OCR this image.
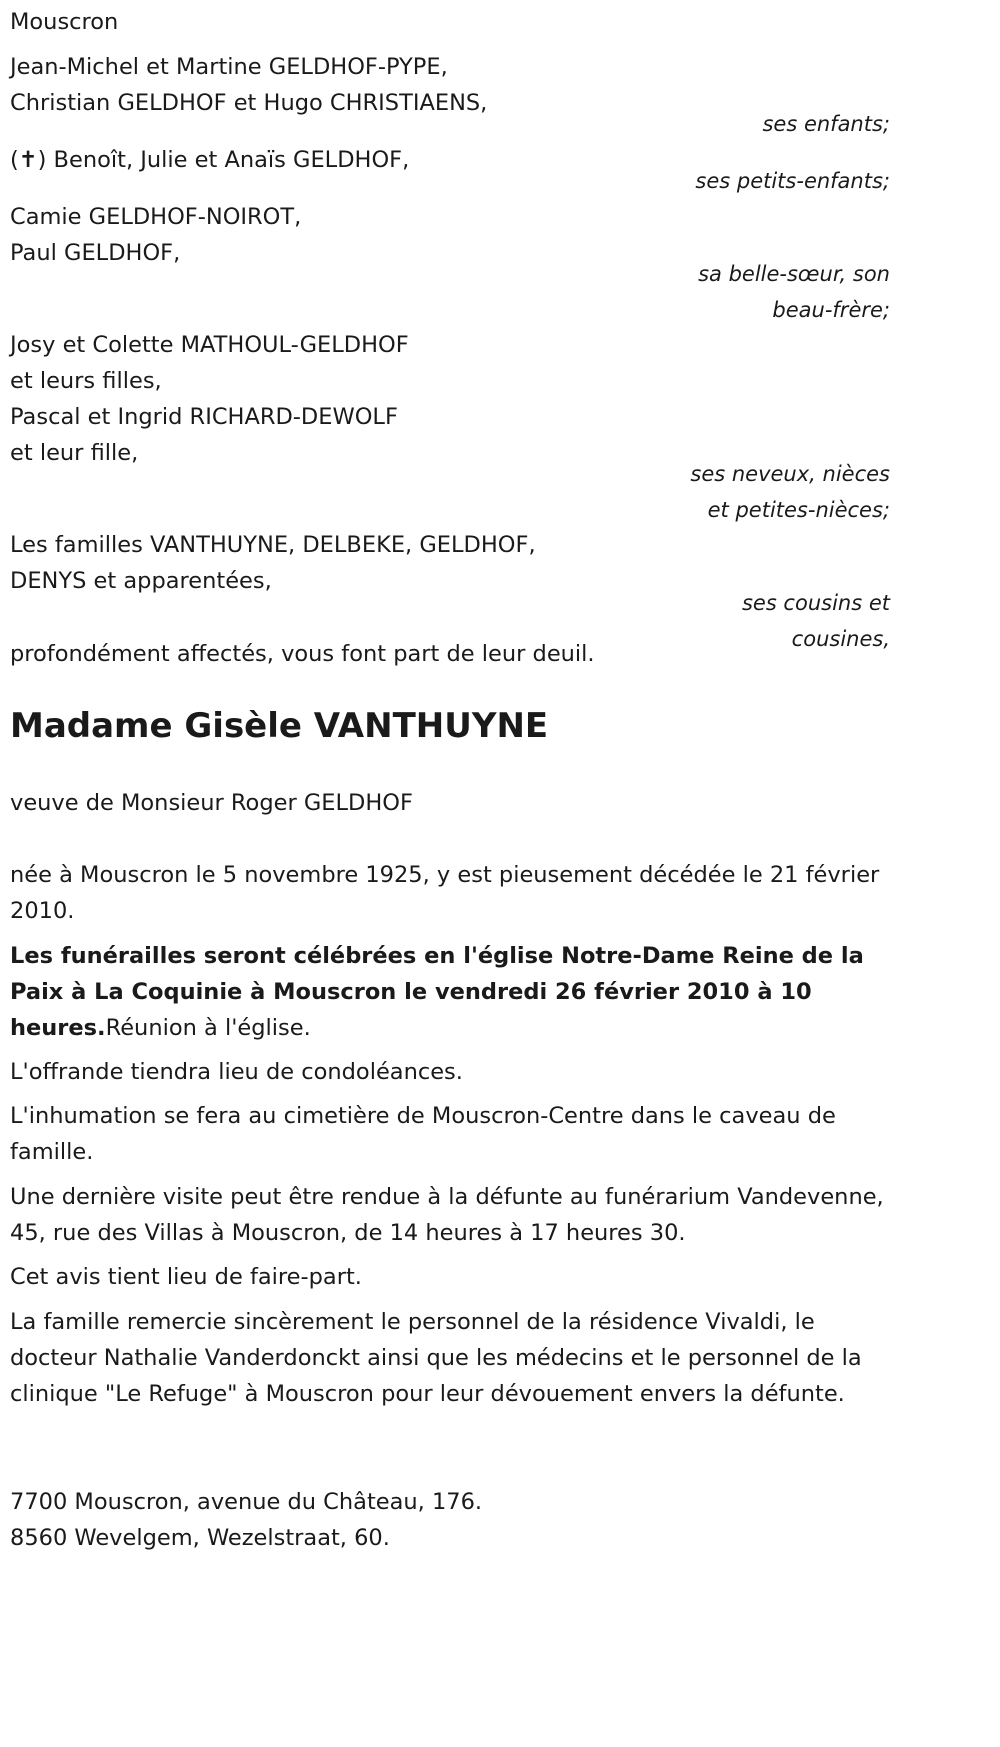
Mouscron

Jean-Michel et Martine GELDHOF-PYPE,

Christian GELDHOF et Hugo CHRISTIAENS,

ses enfants;

(✝) Benoît, Julie et Anaïs GELDHOF,

ses petits-enfants;

Camie GELDHOF-NOIROT,

Paul GELDHOF,

sa belle-sœur, son

beau-frère;

Josy et Colette MATHOUL-GELDHOF

et leurs filles,

Pascal et Ingrid RICHARD-DEWOLF

et leur fille,

ses neveux, nièces

et petites-nièces;

Les familles VANTHUYNE, DELBEKE, GELDHOF,

DENYS et apparentées,

ses cousins et

cousines,

profondément affectés, vous font part de leur deuil.

Madame Gisèle VANTHUYNE

veuve de Monsieur Roger GELDHOF

née à Mouscron le 5 novembre 1925, y est pieusement décédée le 21 février 2010.

Les funérailles seront célébrées en l'église Notre-Dame Reine de la Paix à La Coquinie à Mouscron le vendredi 26 février 2010 à 10 heures.Réunion à l'église.

L'offrande tiendra lieu de condoléances.

L'inhumation se fera au cimetière de Mouscron-Centre dans le caveau de famille.

Une dernière visite peut être rendue à la défunte au funérarium Vandevenne, 45, rue des Villas à Mouscron, de 14 heures à 17 heures 30.

Cet avis tient lieu de faire-part.

La famille remercie sincèrement le personnel de la résidence Vivaldi, le docteur Nathalie Vanderdonckt ainsi que les médecins et le personnel de la clinique "Le Refuge" à Mouscron pour leur dévouement envers la défunte.

7700 Mouscron, avenue du Château, 176.

8560 Wevelgem, Wezelstraat, 60.
